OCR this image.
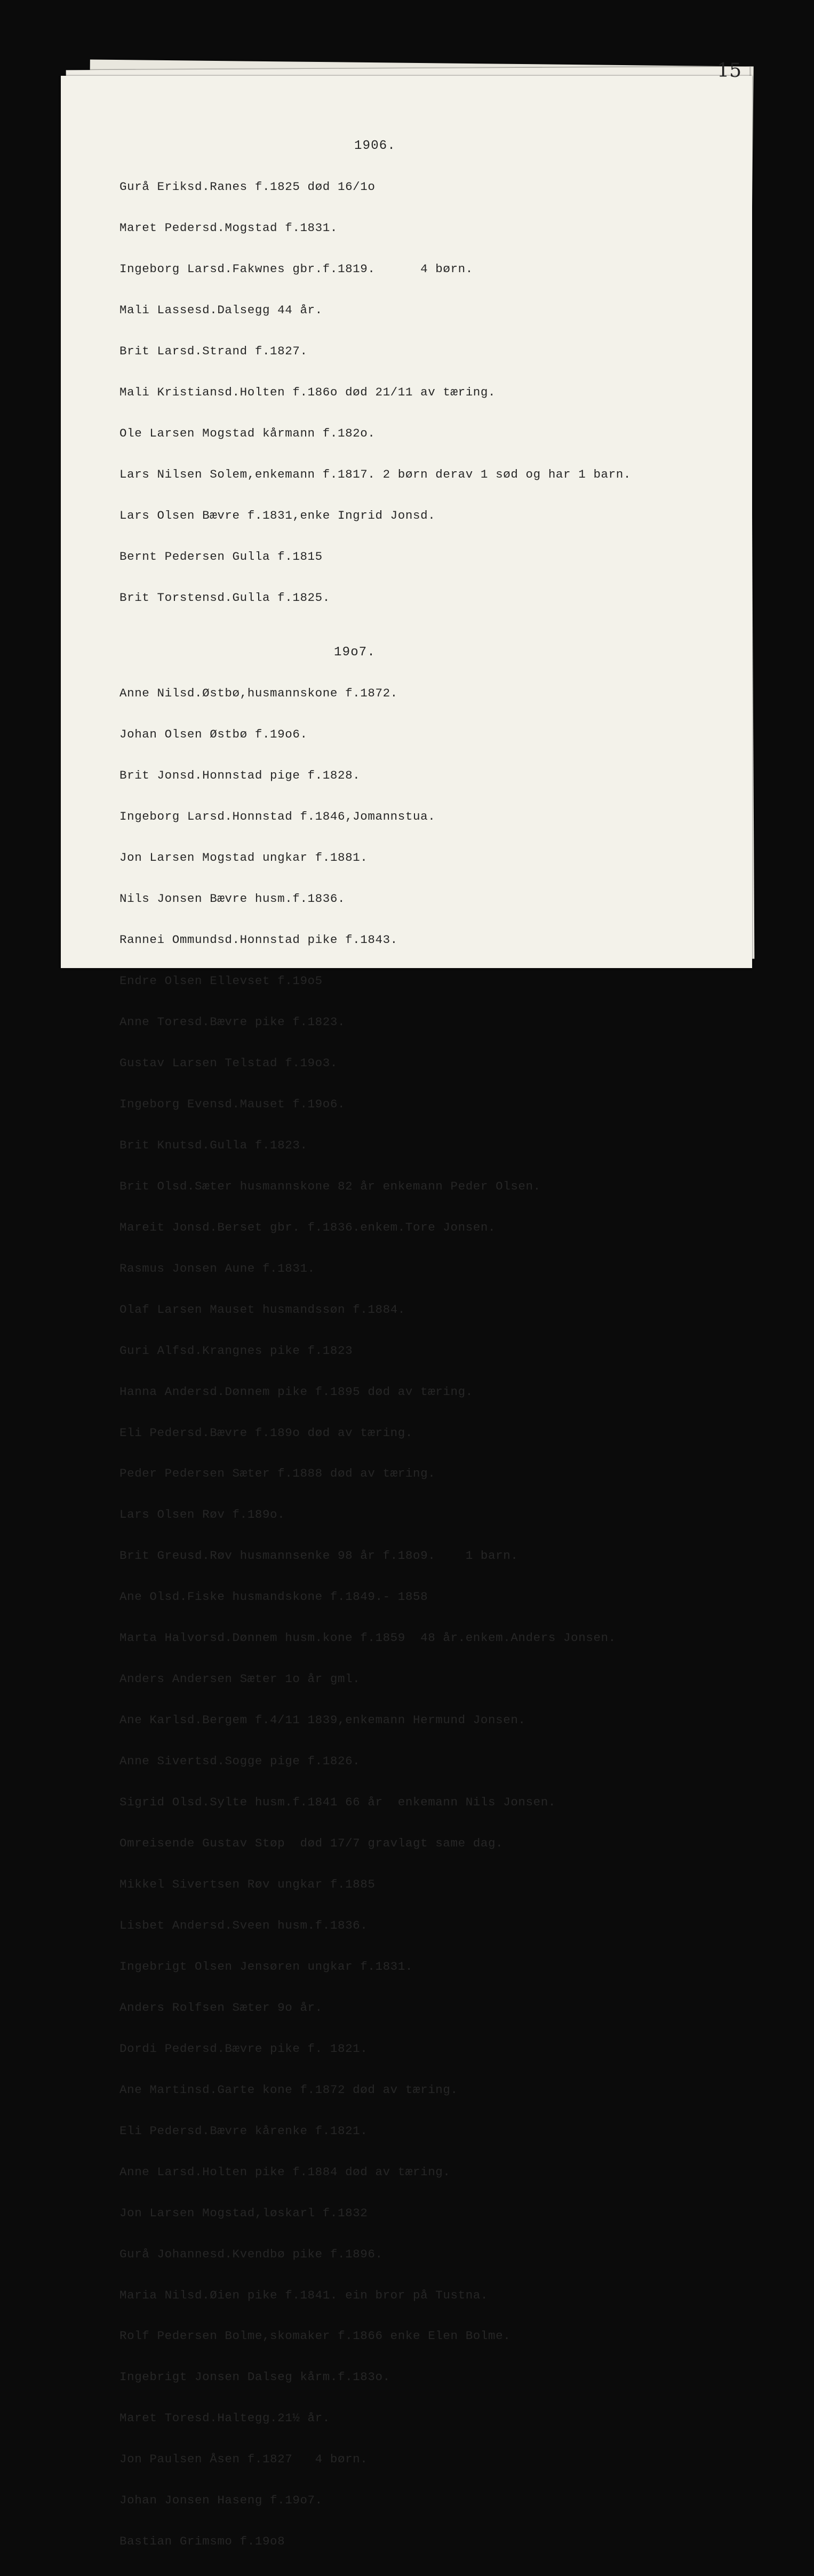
15

1906.

Gurå Eriksd.Ranes f.1825 død 16/1o

Maret Pedersd.Mogstad f.1831.

Ingeborg Larsd.Fakwnes gbr.f.1819.      4 børn.

Mali Lassesd.Dalsegg 44 år.

Brit Larsd.Strand f.1827.

Mali Kristiansd.Holten f.186o død 21/11 av tæring.

Ole Larsen Mogstad kårmann f.182o.

Lars Nilsen Solem,enkemann f.1817. 2 børn derav 1 sød og har 1 barn.

Lars Olsen Bævre f.1831,enke Ingrid Jonsd.

Bernt Pedersen Gulla f.1815

Brit Torstensd.Gulla f.1825.

19o7.

Anne Nilsd.Østbø,husmannskone f.1872.

Johan Olsen Østbø f.19o6.

Brit Jonsd.Honnstad pige f.1828.

Ingeborg Larsd.Honnstad f.1846,Jomannstua.

Jon Larsen Mogstad ungkar f.1881.

Nils Jonsen Bævre husm.f.1836.

Rannei Ommundsd.Honnstad pike f.1843.

Endre Olsen Ellevset f.19o5

Anne Toresd.Bævre pike f.1823.

Gustav Larsen Telstad f.19o3.

Ingeborg Evensd.Mauset f.19o6.

Brit Knutsd.Gulla f.1823.

Brit Olsd.Sæter husmannskone 82 år enkemann Peder Olsen.

Mareit Jonsd.Berset gbr. f.1836.enkem.Tore Jonsen.

Rasmus Jonsen Aune f.1831.

Olaf Larsen Mauset husmandssøn f.1884.

Guri Alfsd.Krangnes pike f.1823

Hanna Andersd.Dønnem pike f.1895 død av tæring.

Eli Pedersd.Bævre f.189o død av tæring.

Peder Pedersen Sæter f.1888 død av tæring.

Lars Olsen Røv f.189o.

Brit Greusd.Røv husmannsenke 98 år f.18o9.    1 barn.

Ane Olsd.Fiske husmandskone f.1849.- 1858

Marta Halvorsd.Dønnem husm.kone f.1859  48 år.enkem.Anders Jonsen.

Anders Andersen Sæter 1o år gml.

Ane Karlsd.Bergem f.4/11 1839,enkemann Hermund Jonsen.

Anne Sivertsd.Sogge pige f.1826.

Sigrid Olsd.Sylte husm.f.1841 66 år  enkemann Nils Jonsen.

Omreisende Gustav Støp  død 17/7 gravlagt same dag.

Mikkel Sivertsen Røv ungkar f.1885

Lisbet Andersd.Sveen husm.f.1836.

Ingebrigt Olsen Jensøren ungkar f.1831.

Anders Rolfsen Sæter 9o år.

Dordi Pedersd.Bævre pike f. 1821.

Ane Martinsd.Garte kone f.1872 død av tæring.

Eli Pedersd.Bævre kårenke f.1821.

Anne Larsd.Holten pike f.1884 død av tæring.

Jon Larsen Mogstad,løskarl f.1832

Gurå Johannesd.Kvendbø pike f.1896.

Maria Nilsd.Øien pike f.1841. ein bror på Tustna.

Rolf Pedersen Bolme,skomaker f.1866 enke Elen Bolme.

Ingebrigt Jonsen Dalseg kårm.f.183o.

Maret Toresd.Haltegg.21½ år.

Jon Paulsen Åsen f.1827   4 børn.

Johan Jonsen Haseng f.19o7.

Bastian Grimsmo f.19o8
